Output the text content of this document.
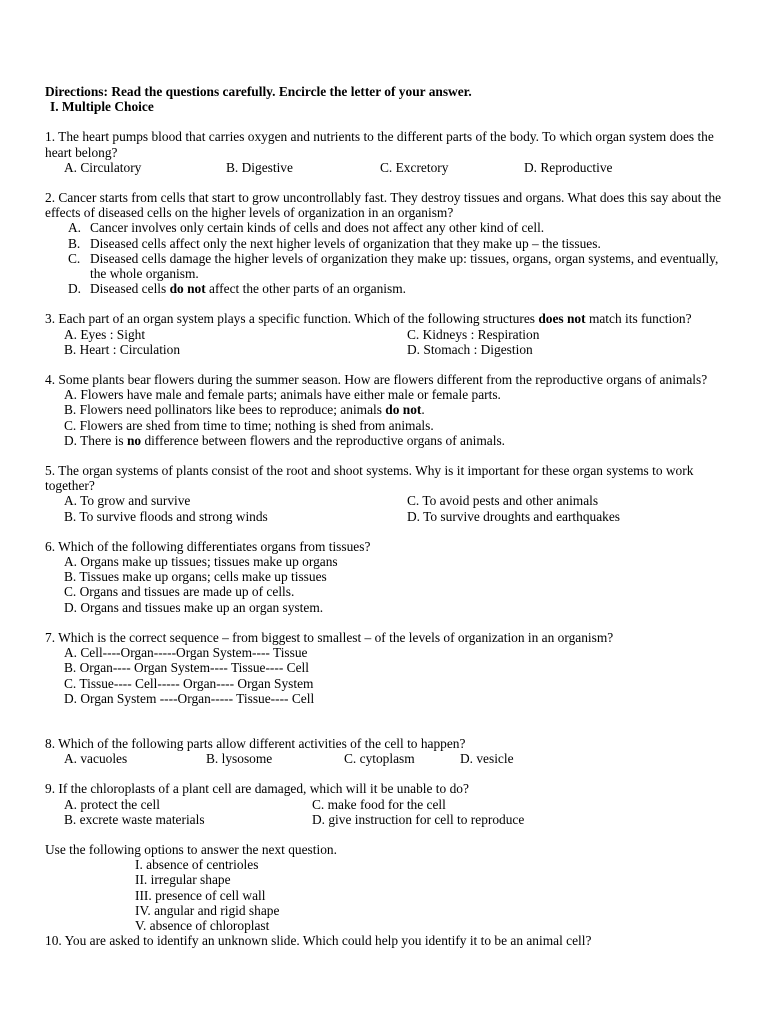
Directions: Read the questions carefully. Encircle the letter of your answer.
I. Multiple Choice
1. The heart pumps blood that carries oxygen and nutrients to the different parts of the body. To which organ system does the heart belong?
A. Circulatory	B. Digestive	C. Excretory	D. Reproductive
2. Cancer starts from cells that start to grow uncontrollably fast. They destroy tissues and organs. What does this say about the effects of diseased cells on the higher levels of organization in an organism?
A. Cancer involves only certain kinds of cells and does not affect any other kind of cell.
B. Diseased cells affect only the next higher levels of organization that they make up – the tissues.
C. Diseased cells damage the higher levels of organization they make up: tissues, organs, organ systems, and eventually, the whole organism.
D. Diseased cells do not affect the other parts of an organism.
3. Each part of an organ system plays a specific function. Which of the following structures does not match its function?
A. Eyes : Sight	C. Kidneys : Respiration
B. Heart : Circulation	D. Stomach : Digestion
4. Some plants bear flowers during the summer season. How are flowers different from the reproductive organs of animals?
A. Flowers have male and female parts; animals have either male or female parts.
B. Flowers need pollinators like bees to reproduce; animals do not.
C. Flowers are shed from time to time; nothing is shed from animals.
D. There is no difference between flowers and the reproductive organs of animals.
5. The organ systems of plants consist of the root and shoot systems. Why is it important for these organ systems to work together?
A. To grow and survive	C. To avoid pests and other animals
B. To survive floods and strong winds	D. To survive droughts and earthquakes
6. Which of the following differentiates organs from tissues?
A. Organs make up tissues; tissues make up organs
B. Tissues make up organs; cells make up tissues
C. Organs and tissues are made up of cells.
D. Organs and tissues make up an organ system.
7. Which is the correct sequence – from biggest to smallest – of the levels of organization in an organism?
A. Cell----Organ-----Organ System---- Tissue
B. Organ---- Organ System---- Tissue---- Cell
C. Tissue---- Cell----- Organ---- Organ System
D. Organ System ----Organ----- Tissue---- Cell
8. Which of the following parts allow different activities of the cell to happen?
A. vacuoles	B. lysosome	C. cytoplasm	D. vesicle
9. If the chloroplasts of a plant cell are damaged, which will it be unable to do?
A. protect the cell	C. make food for the cell
B. excrete waste materials	D. give instruction for cell to reproduce
Use the following options to answer the next question.
I. absence of centrioles
II. irregular shape
III. presence of cell wall
IV. angular and rigid shape
V. absence of chloroplast
10. You are asked to identify an unknown slide. Which could help you identify it to be an animal cell?
